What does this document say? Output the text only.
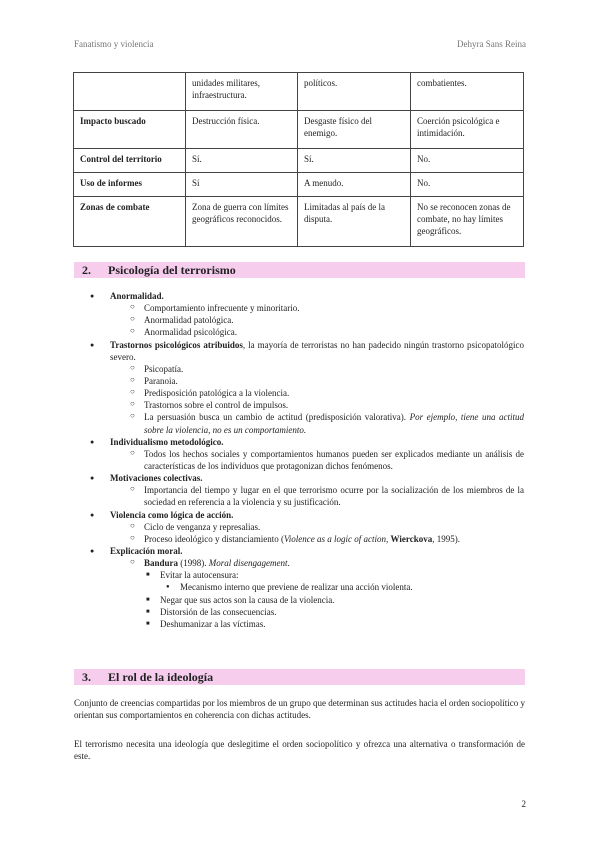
Fanatismo y violencia	Dehyra Sans Reina
	unidades militares, infraestructura.	políticos.	combatientes.
Impacto buscado	Destrucción física.	Desgaste físico del enemigo.	Coerción psicológica e intimidación.
Control del territorio	Sí.	Sí.	No.
Uso de informes	Sí	A menudo.	No.
Zonas de combate	Zona de guerra con límites geográficos reconocidos.	Limitadas al país de la disputa.	No se reconocen zonas de combate, no hay límites geográficos.
2. Psicología del terrorismo
● Anormalidad.
○ Comportamiento infrecuente y minoritario.
○ Anormalidad patológica.
○ Anormalidad psicológica.
● Trastornos psicológicos atribuidos, la mayoría de terroristas no han padecido ningún trastorno psicopatológico severo.
○ Psicopatía.
○ Paranoia.
○ Predisposición patológica a la violencia.
○ Trastornos sobre el control de impulsos.
○ La persuasión busca un cambio de actitud (predisposición valorativa). Por ejemplo, tiene una actitud sobre la violencia, no es un comportamiento.
● Individualismo metodológico.
○ Todos los hechos sociales y comportamientos humanos pueden ser explicados mediante un análisis de características de los individuos que protagonizan dichos fenómenos.
● Motivaciones colectivas.
○ Importancia del tiempo y lugar en el que terrorismo ocurre por la socialización de los miembros de la sociedad en referencia a la violencia y su justificación.
● Violencia como lógica de acción.
○ Ciclo de venganza y represalias.
○ Proceso ideológico y distanciamiento (Violence as a logic of action, Wierckova, 1995).
● Explicación moral.
○ Bandura (1998). Moral disengagement.
■ Evitar la autocensura:
● Mecanismo interno que previene de realizar una acción violenta.
■ Negar que sus actos son la causa de la violencia.
■ Distorsión de las consecuencias.
■ Deshumanizar a las víctimas.
3. El rol de la ideología

Conjunto de creencias compartidas por los miembros de un grupo que determinan sus actitudes hacia el orden sociopolítico y orientan sus comportamientos en coherencia con dichas actitudes.

El terrorismo necesita una ideología que deslegitime el orden sociopolítico y ofrezca una alternativa o transformación de este.

2
